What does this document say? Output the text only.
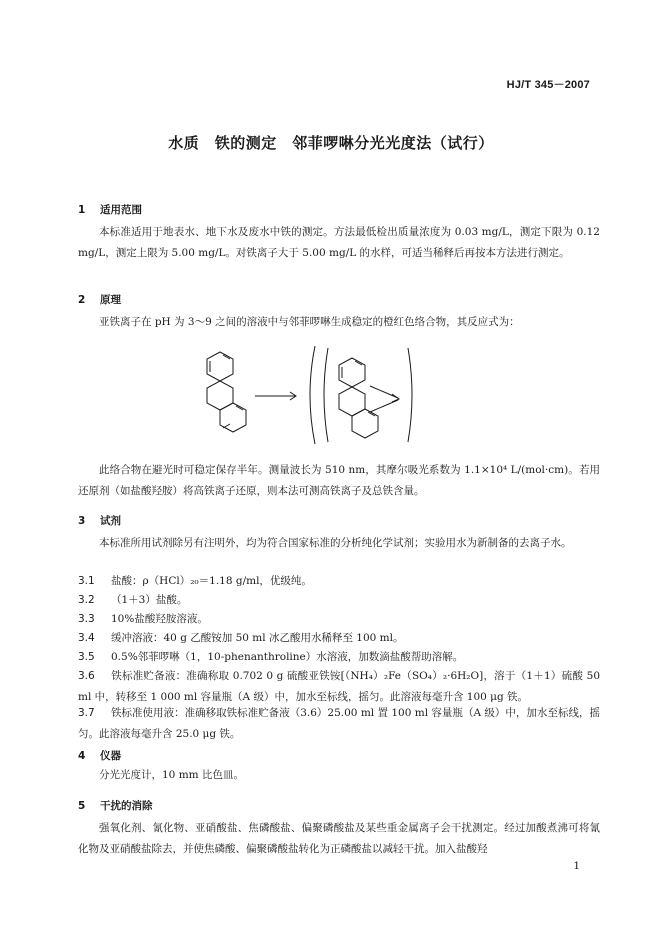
HJ/T 345－2007
水质　铁的测定　邻菲啰啉分光光度法（试行）
1 适用范围
本标准适用于地表水、地下水及废水中铁的测定。方法最低检出质量浓度为 0.03 mg/L，测定下限为 0.12 mg/L，测定上限为 5.00 mg/L。对铁离子大于 5.00 mg/L 的水样，可适当稀释后再按本方法进行测定。
2 原理
亚铁离子在 pH 为 3～9 之间的溶液中与邻菲啰啉生成稳定的橙红色络合物，其反应式为：
此络合物在避光时可稳定保存半年。测量波长为 510 nm，其摩尔吸光系数为 1.1×10⁴ L/(mol·cm)。若用还原剂（如盐酸羟胺）将高铁离子还原，则本法可测高铁离子及总铁含量。
3 试剂
本标准所用试剂除另有注明外，均为符合国家标准的分析纯化学试剂；实验用水为新制备的去离子水。
3.1 盐酸：ρ（HCl）₂₀＝1.18 g/ml，优级纯。
3.2 （1＋3）盐酸。
3.3 10%盐酸羟胺溶液。
3.4 缓冲溶液：40 g 乙酸铵加 50 ml 冰乙酸用水稀释至 100 ml。
3.5 0.5%邻菲啰啉（1，10-phenanthroline）水溶液，加数滴盐酸帮助溶解。
3.6 铁标准贮备液：准确称取 0.702 0 g 硫酸亚铁铵[（NH₄）₂Fe（SO₄）₂·6H₂O]，溶于（1＋1）硫酸 50 ml 中，转移至 1 000 ml 容量瓶（A 级）中，加水至标线，摇匀。此溶液每毫升含 100 μg 铁。
3.7 铁标准使用液：准确移取铁标准贮备液（3.6）25.00 ml 置 100 ml 容量瓶（A 级）中，加水至标线，摇匀。此溶液每毫升含 25.0 μg 铁。
4 仪器
分光光度计，10 mm 比色皿。
5 干扰的消除
强氧化剂、氰化物、亚硝酸盐、焦磷酸盐、偏聚磷酸盐及某些重金属离子会干扰测定。经过加酸煮沸可将氰化物及亚硝酸盐除去，并使焦磷酸、偏聚磷酸盐转化为正磷酸盐以减轻干扰。加入盐酸羟
1
